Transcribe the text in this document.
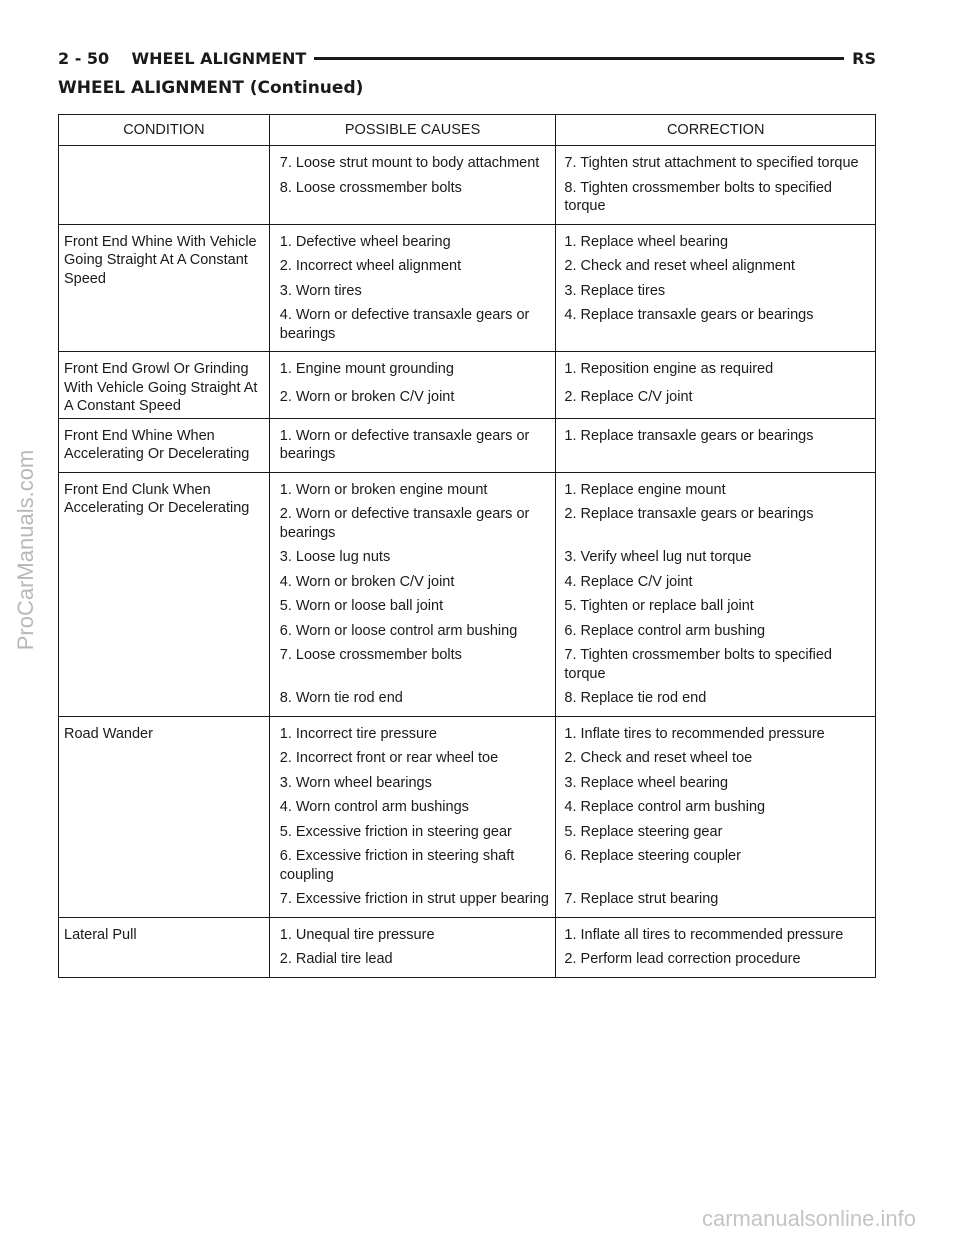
2 - 50    WHEEL ALIGNMENT	RS
WHEEL ALIGNMENT (Continued)
CONDITION	POSSIBLE CAUSES	CORRECTION
	7. Loose strut mount to body attachment	7. Tighten strut attachment to specified torque
	8. Loose crossmember bolts	8. Tighten crossmember bolts to specified torque
Front End Whine With Vehicle Going Straight At A Constant Speed	1. Defective wheel bearing	1. Replace wheel bearing
	2. Incorrect wheel alignment	2. Check and reset wheel alignment
	3. Worn tires	3. Replace tires
	4. Worn or defective transaxle gears or bearings	4. Replace transaxle gears or bearings
Front End Growl Or Grinding With Vehicle Going Straight At A Constant Speed	1. Engine mount grounding	1. Reposition engine as required
	2. Worn or broken C/V joint	2. Replace C/V joint
Front End Whine When Accelerating Or Decelerating	1. Worn or defective transaxle gears or bearings	1. Replace transaxle gears or bearings
Front End Clunk When Accelerating Or Decelerating	1. Worn or broken engine mount	1. Replace engine mount
	2. Worn or defective transaxle gears or bearings	2. Replace transaxle gears or bearings
	3. Loose lug nuts	3. Verify wheel lug nut torque
	4. Worn or broken C/V joint	4. Replace C/V joint
	5. Worn or loose ball joint	5. Tighten or replace ball joint
	6. Worn or loose control arm bushing	6. Replace control arm bushing
	7. Loose crossmember bolts	7. Tighten crossmember bolts to specified torque
	8. Worn tie rod end	8. Replace tie rod end
Road Wander	1. Incorrect tire pressure	1. Inflate tires to recommended pressure
	2. Incorrect front or rear wheel toe	2. Check and reset wheel toe
	3. Worn wheel bearings	3. Replace wheel bearing
	4. Worn control arm bushings	4. Replace control arm bushing
	5. Excessive friction in steering gear	5. Replace steering gear
	6. Excessive friction in steering shaft coupling	6. Replace steering coupler
	7. Excessive friction in strut upper bearing	7. Replace strut bearing
Lateral Pull	1. Unequal tire pressure	1. Inflate all tires to recommended pressure
	2. Radial tire lead	2. Perform lead correction procedure
ProCarManuals.com
carmanualsonline.info
